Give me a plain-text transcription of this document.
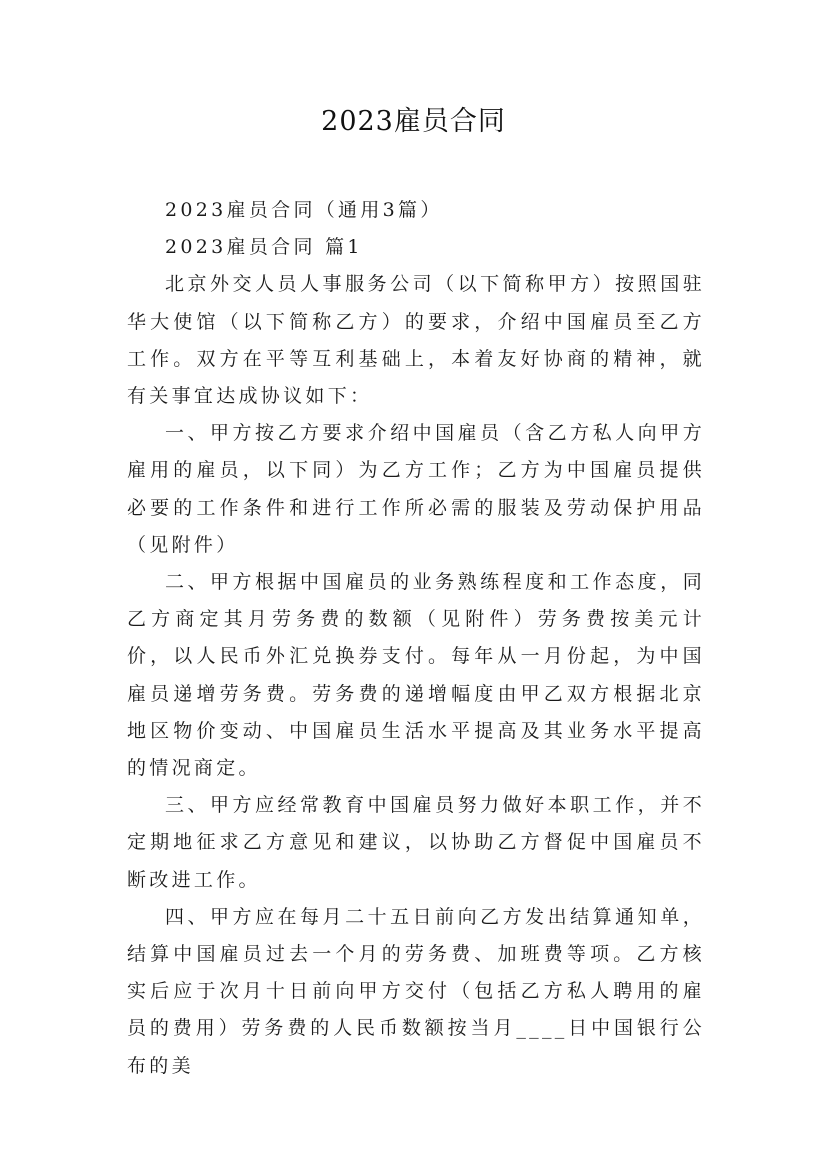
2023雇员合同

2023雇员合同（通用3篇）

2023雇员合同 篇1

北京外交人员人事服务公司（以下简称甲方）按照国驻华大使馆（以下简称乙方）的要求，介绍中国雇员至乙方工作。双方在平等互利基础上，本着友好协商的精神，就有关事宜达成协议如下：

一、甲方按乙方要求介绍中国雇员（含乙方私人向甲方雇用的雇员，以下同）为乙方工作；乙方为中国雇员提供必要的工作条件和进行工作所必需的服装及劳动保护用品（见附件）

二、甲方根据中国雇员的业务熟练程度和工作态度，同乙方商定其月劳务费的数额（见附件）劳务费按美元计价，以人民币外汇兑换券支付。每年从一月份起，为中国雇员递增劳务费。劳务费的递增幅度由甲乙双方根据北京地区物价变动、中国雇员生活水平提高及其业务水平提高的情况商定。

三、甲方应经常教育中国雇员努力做好本职工作，并不定期地征求乙方意见和建议，以协助乙方督促中国雇员不断改进工作。

四、甲方应在每月二十五日前向乙方发出结算通知单，结算中国雇员过去一个月的劳务费、加班费等项。乙方核实后应于次月十日前向甲方交付（包括乙方私人聘用的雇员的费用）劳务费的人民币数额按当月____日中国银行公布的美
